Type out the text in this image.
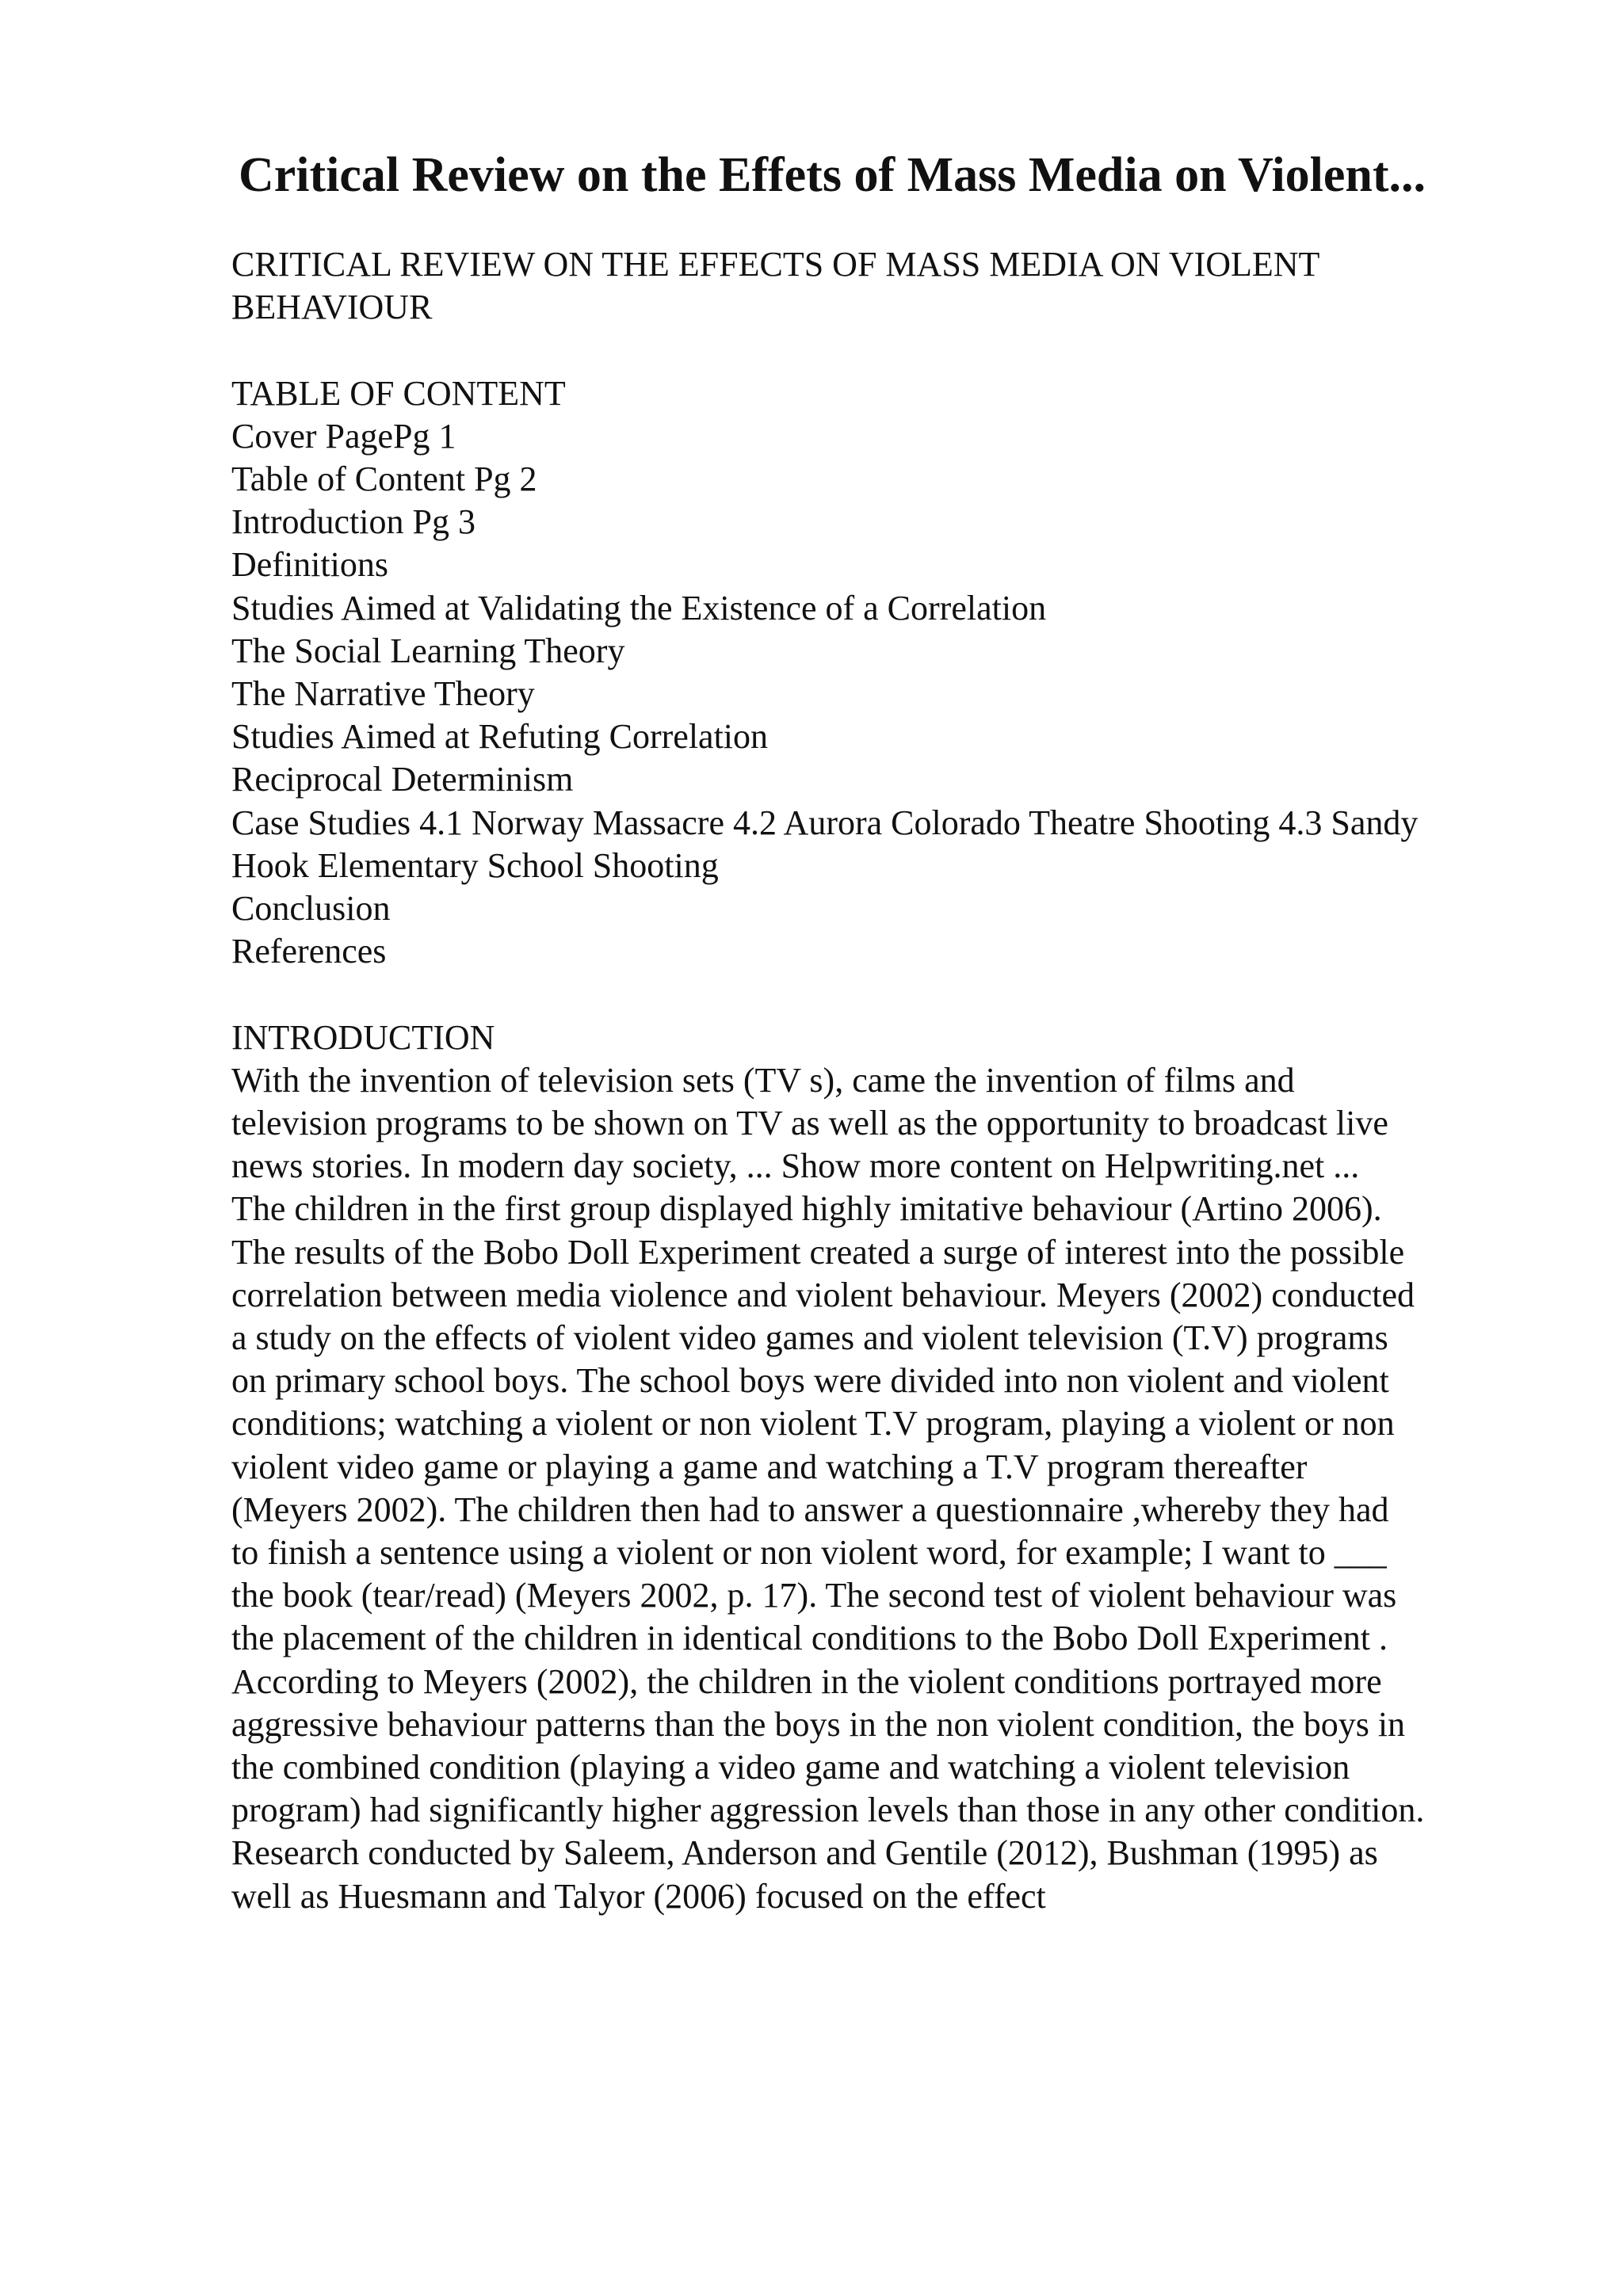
Critical Review on the Effets of Mass Media on Violent...

CRITICAL REVIEW ON THE EFFECTS OF MASS MEDIA ON VIOLENT
BEHAVIOUR

TABLE OF CONTENT
Cover PagePg 1
Table of Content Pg 2
Introduction Pg 3
Definitions
Studies Aimed at Validating the Existence of a Correlation
The Social Learning Theory
The Narrative Theory
Studies Aimed at Refuting Correlation
Reciprocal Determinism
Case Studies 4.1 Norway Massacre 4.2 Aurora Colorado Theatre Shooting 4.3 Sandy
Hook Elementary School Shooting
Conclusion
References
INTRODUCTION
With the invention of television sets (TV s), came the invention of films and
television programs to be shown on TV as well as the opportunity to broadcast live
news stories. In modern day society, ... Show more content on Helpwriting.net ...
The children in the first group displayed highly imitative behaviour (Artino 2006).
The results of the Bobo Doll Experiment created a surge of interest into the possible
correlation between media violence and violent behaviour. Meyers (2002) conducted
a study on the effects of violent video games and violent television (T.V) programs
on primary school boys. The school boys were divided into non violent and violent
conditions; watching a violent or non violent T.V program, playing a violent or non
violent video game or playing a game and watching a T.V program thereafter
(Meyers 2002). The children then had to answer a questionnaire ,whereby they had
to finish a sentence using a violent or non violent word, for example; I want to ___
the book (tear/read) (Meyers 2002, p. 17). The second test of violent behaviour was
the placement of the children in identical conditions to the Bobo Doll Experiment .
According to Meyers (2002), the children in the violent conditions portrayed more
aggressive behaviour patterns than the boys in the non violent condition, the boys in
the combined condition (playing a video game and watching a violent television
program) had significantly higher aggression levels than those in any other condition.
Research conducted by Saleem, Anderson and Gentile (2012), Bushman (1995) as
well as Huesmann and Talyor (2006) focused on the effect
